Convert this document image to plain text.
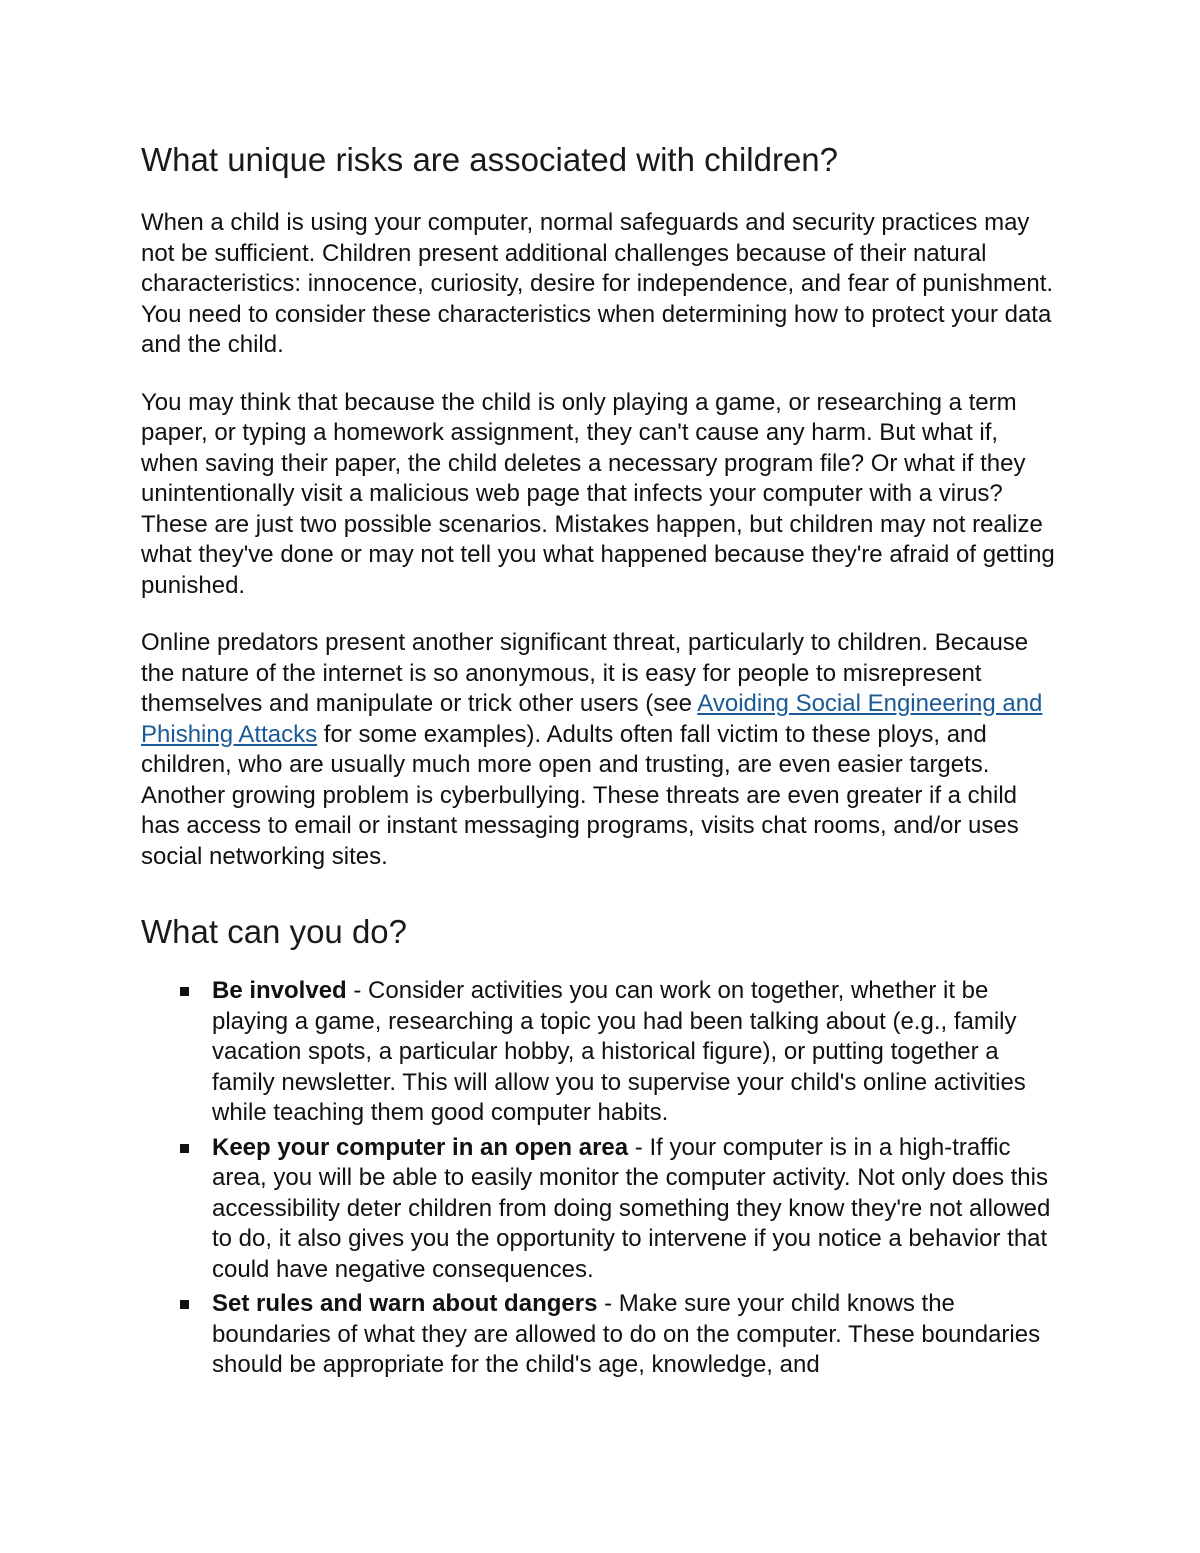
What unique risks are associated with children?

When a child is using your computer, normal safeguards and security practices may not be sufficient. Children present additional challenges because of their natural characteristics: innocence, curiosity, desire for independence, and fear of punishment. You need to consider these characteristics when determining how to protect your data and the child.

You may think that because the child is only playing a game, or researching a term paper, or typing a homework assignment, they can't cause any harm. But what if, when saving their paper, the child deletes a necessary program file? Or what if they unintentionally visit a malicious web page that infects your computer with a virus? These are just two possible scenarios. Mistakes happen, but children may not realize what they've done or may not tell you what happened because they're afraid of getting punished.

Online predators present another significant threat, particularly to children. Because the nature of the internet is so anonymous, it is easy for people to misrepresent themselves and manipulate or trick other users (see Avoiding Social Engineering and Phishing Attacks for some examples). Adults often fall victim to these ploys, and children, who are usually much more open and trusting, are even easier targets. Another growing problem is cyberbullying. These threats are even greater if a child has access to email or instant messaging programs, visits chat rooms, and/or uses social networking sites.

What can you do?
Be involved - Consider activities you can work on together, whether it be playing a game, researching a topic you had been talking about (e.g., family vacation spots, a particular hobby, a historical figure), or putting together a family newsletter. This will allow you to supervise your child's online activities while teaching them good computer habits.
Keep your computer in an open area - If your computer is in a high-traffic area, you will be able to easily monitor the computer activity. Not only does this accessibility deter children from doing something they know they're not allowed to do, it also gives you the opportunity to intervene if you notice a behavior that could have negative consequences.
Set rules and warn about dangers - Make sure your child knows the boundaries of what they are allowed to do on the computer. These boundaries should be appropriate for the child's age, knowledge, and
